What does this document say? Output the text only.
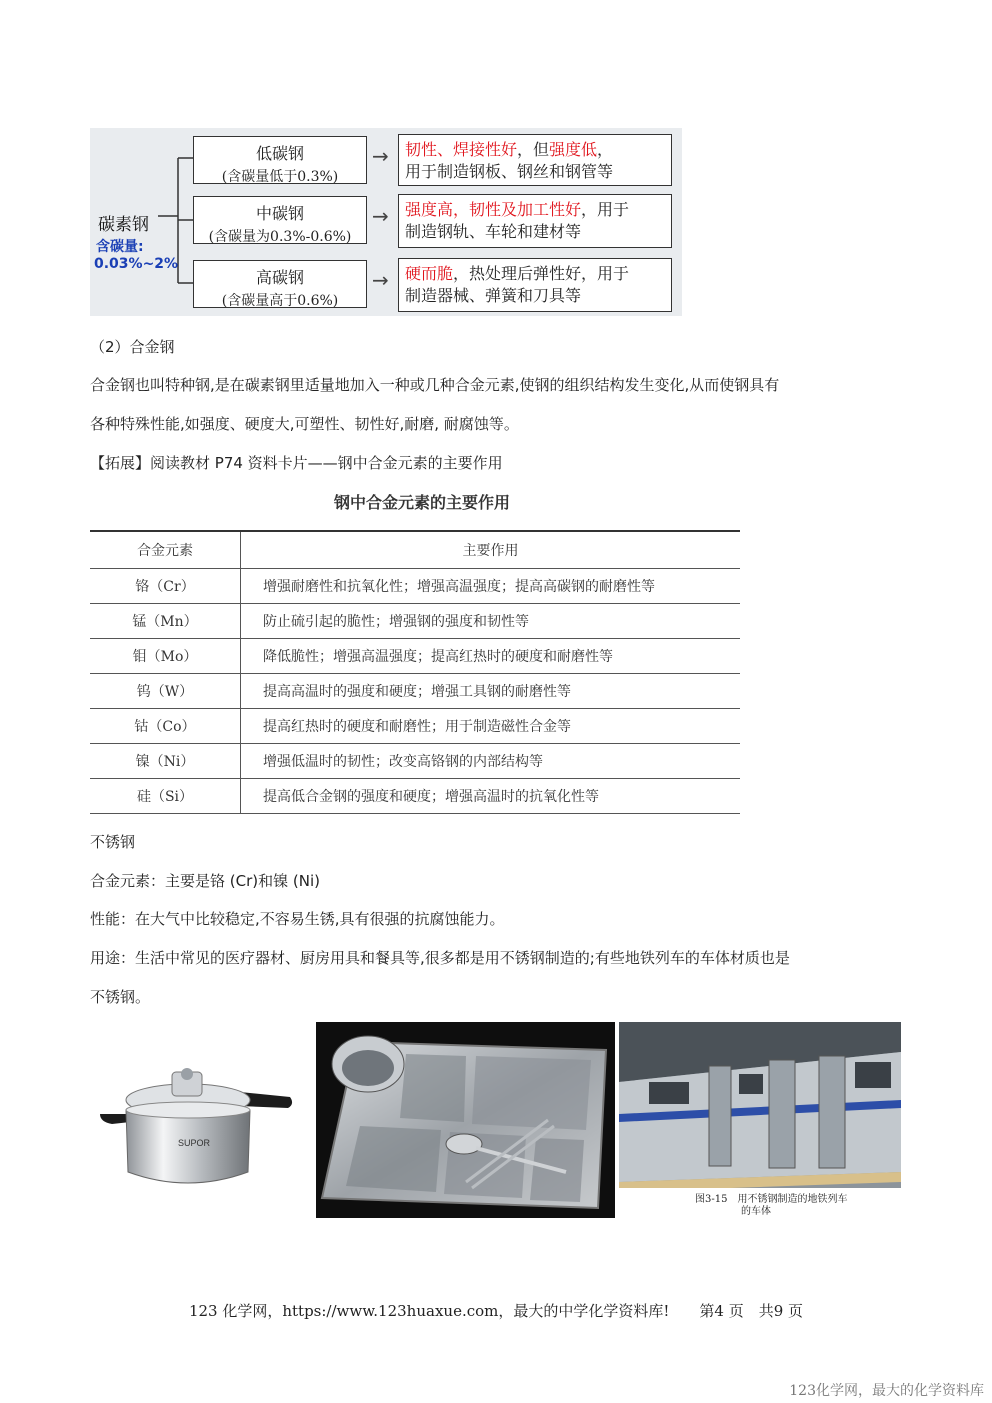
碳素钢
含碳量:
0.03%~2%
低碳钢
(含碳量低于0.3%)
→	韧性、焊接性好，但强度低，
用于制造钢板、钢丝和钢管等
中碳钢
(含碳量为0.3%-0.6%)
→	强度高，韧性及加工性好，用于
制造钢轨、车轮和建材等
高碳钢
(含碳量高于0.6%)
→	硬而脆，热处理后弹性好，用于
制造器械、弹簧和刀具等
（2）合金钢
合金钢也叫特种钢,是在碳素钢里适量地加入一种或几种合金元素,使钢的组织结构发生变化,从而使钢具有
各种特殊性能,如强度、硬度大,可塑性、韧性好,耐磨, 耐腐蚀等。
【拓展】阅读教材 P74 资料卡片——钢中合金元素的主要作用
钢中合金元素的主要作用
合金元素	主要作用
铬（Cr）	增强耐磨性和抗氧化性；增强高温强度；提高高碳钢的耐磨性等
锰（Mn）	防止硫引起的脆性；增强钢的强度和韧性等
钼（Mo）	降低脆性；增强高温强度；提高红热时的硬度和耐磨性等
钨（W）	提高高温时的强度和硬度；增强工具钢的耐磨性等
钴（Co）	提高红热时的硬度和耐磨性；用于制造磁性合金等
镍（Ni）	增强低温时的韧性；改变高铬钢的内部结构等
硅（Si）	提高低合金钢的强度和硬度；增强高温时的抗氧化性等
不锈钢
合金元素：主要是铬 (Cr)和镍 (Ni)
性能：在大气中比较稳定,不容易生锈,具有很强的抗腐蚀能力。
用途：生活中常见的医疗器材、厨房用具和餐具等,很多都是用不锈钢制造的;有些地铁列车的车体材质也是
不锈钢。
SUPOR
图3-15　用不锈钢制造的地铁列车
的车体
123 化学网，https://www.123huaxue.com，最大的中学化学资料库!　　第4 页　共9 页
123化学网，最大的化学资料库
